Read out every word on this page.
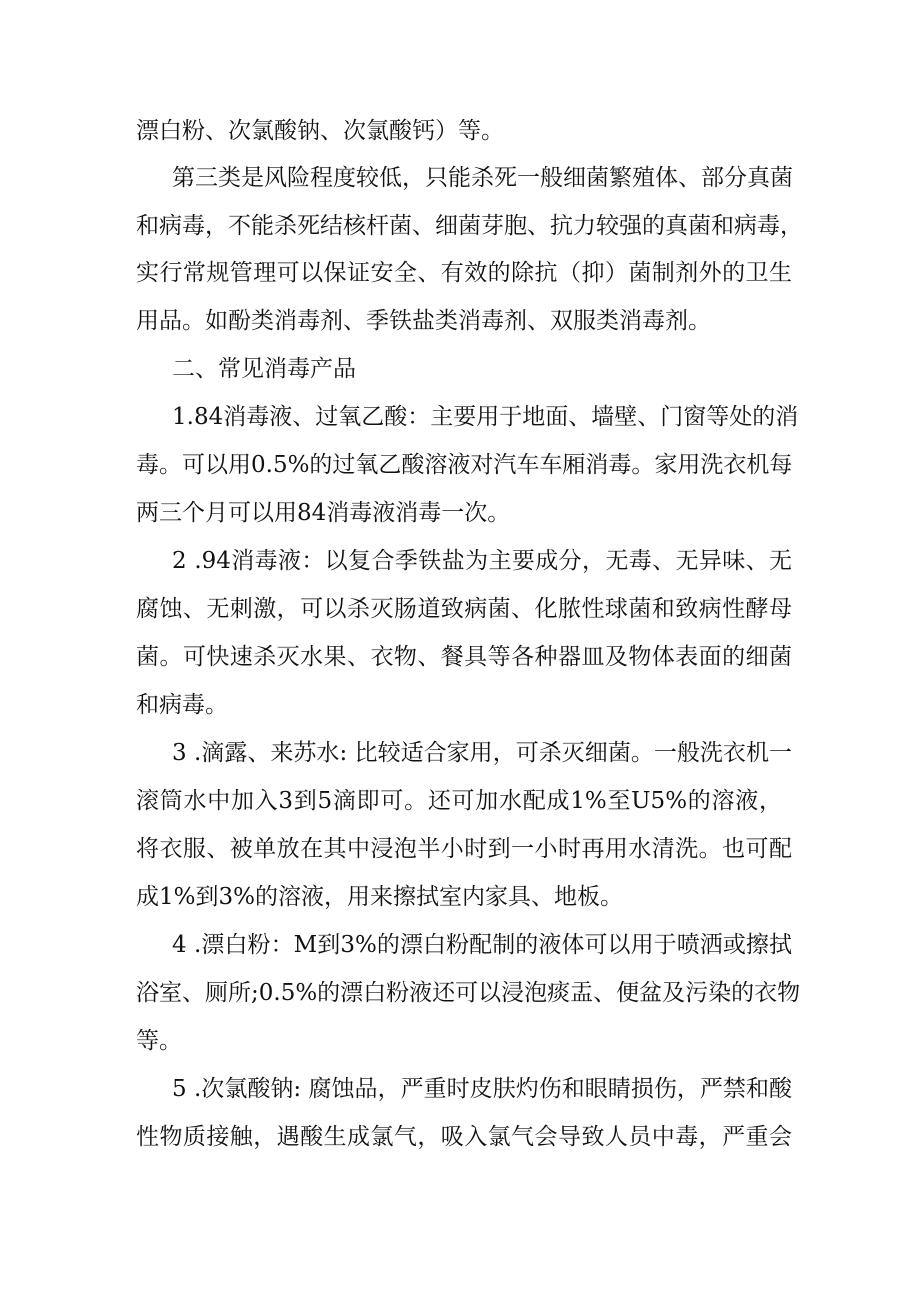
漂白粉、次氯酸钠、次氯酸钙）等。
第三类是风险程度较低，只能杀死一般细菌繁殖体、部分真菌
和病毒，不能杀死结核杆菌、细菌芽胞、抗力较强的真菌和病毒，
实行常规管理可以保证安全、有效的除抗（抑）菌制剂外的卫生
用品。如酚类消毒剂、季铁盐类消毒剂、双服类消毒剂。
二、常见消毒产品
1.84消毒液、过氧乙酸：主要用于地面、墙壁、门窗等处的消
毒。可以用0.5%的过氧乙酸溶液对汽车车厢消毒。家用洗衣机每
两三个月可以用84消毒液消毒一次。
2 .94消毒液：以复合季铁盐为主要成分，无毒、无异味、无
腐蚀、无刺激，可以杀灭肠道致病菌、化脓性球菌和致病性酵母
菌。可快速杀灭水果、衣物、餐具等各种器皿及物体表面的细菌
和病毒。
3 .滴露、来苏水: 比较适合家用，可杀灭细菌。一般洗衣机一
滚筒水中加入3到5滴即可。还可加水配成1%至U5%的溶液，
将衣服、被单放在其中浸泡半小时到一小时再用水清洗。也可配
成1%到3%的溶液，用来擦拭室内家具、地板。
4 .漂白粉：M到3%的漂白粉配制的液体可以用于喷洒或擦拭
浴室、厕所;0.5%的漂白粉液还可以浸泡痰盂、便盆及污染的衣物
等。
5 .次氯酸钠: 腐蚀品，严重时皮肤灼伤和眼睛损伤，严禁和酸
性物质接触，遇酸生成氯气，吸入氯气会导致人员中毒，严重会
